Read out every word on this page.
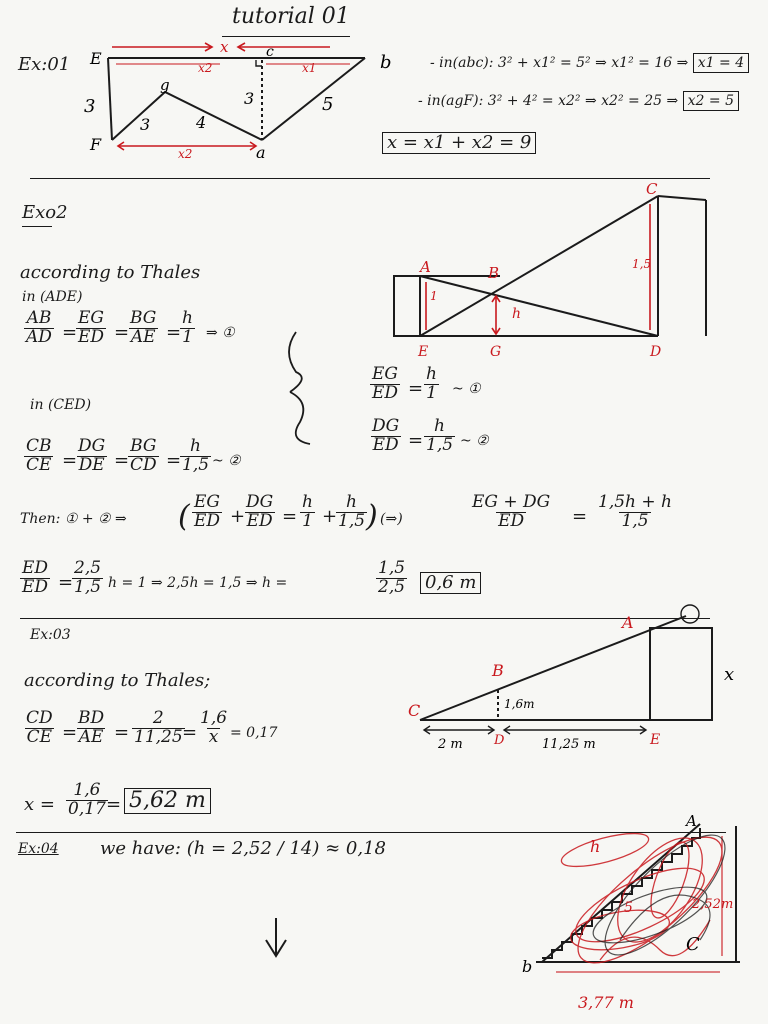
tutorial 01
Ex:01 E	b
F	a
g
c
x
x2	x1
x2
3
3	4
3	5
- in(abc): 3² + x1² = 5² ⇒ x1² = 16 ⇒ x1 = 4
- in(agF): 3² + 4² = x2² ⇒ x2² = 25 ⇒ x2 = 5
x = x1 + x2 = 9
Exo2
A	B
C
E	G	D
h
1
1,5
according to Thales
in (ADE)
$\frac{AB}{AD}$ =
$\frac{EG}{ED}$ =
$\frac{BG}{AE}$ =
$\frac{h}{1}$ ⇒ ①
in (CED)
$\frac{CB}{CE}$ =
$\frac{DG}{DE}$ =
$\frac{BG}{CD}$ =
$\frac{h}{1,5}$ ~ ②
$\frac{EG}{ED} = \frac{h}{1}$ ~ ①
$\frac{DG}{ED} = \frac{h}{1,5}$ ~ ②
Then: ① + ② ⇒ ( $\frac{EG}{ED}$ +
$\frac{DG}{ED} = \frac{h}{1}$ +
$\frac{h}{1,5}$
) (⇒)	$\frac{EG + DG}{ED} = \frac{1,5h + h}{1,5}$
$\frac{ED}{ED}$ =
$\frac{2,5}{1,5}$ h = 1 ⇒ 2,5h = 1,5 ⇒ h =	$\frac{1,5}{2,5} 0,6$ m
Ex:03
according to Thales;
$\frac{CD}{CE}$ =
$\frac{BD}{AE} = \frac{2}{11,25}$
= $\frac{1,6}{x} = 0,17$
$x = \frac{1,6}{0,17}$
= 5,62 m
A
B
C
D	E
x
1,6m
2 m	11,25 m
Ex:04 we have: (h = 2,52 / 14) ≈ 0,18
A
b
C
h
5	2,52m
3,77 m
